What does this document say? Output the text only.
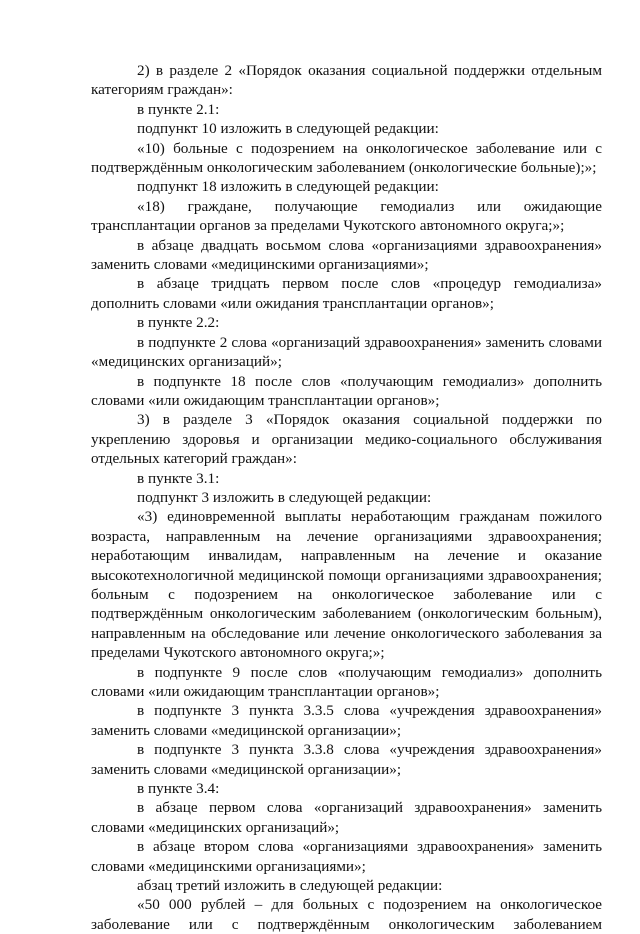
2) в разделе 2 «Порядок оказания социальной поддержки отдельным категориям граждан»:

в пункте 2.1:

подпункт 10 изложить в следующей редакции:

«10) больные с подозрением на онкологическое заболевание или с подтверждённым онкологическим заболеванием (онкологические больные);»;

подпункт 18 изложить в следующей редакции:

«18) граждане, получающие гемодиализ или ожидающие трансплантации органов за пределами Чукотского автономного округа;»;

в абзаце двадцать восьмом слова «организациями здравоохранения» заменить словами «медицинскими организациями»;

в абзаце тридцать первом после слов «процедур гемодиализа» дополнить словами «или ожидания трансплантации органов»;

в пункте 2.2:

в подпункте 2 слова «организаций здравоохранения» заменить словами «медицинских организаций»;

в подпункте 18 после слов «получающим гемодиализ» дополнить словами «или ожидающим трансплантации органов»;

3) в разделе 3 «Порядок оказания социальной поддержки по укреплению здоровья и организации медико-социального обслуживания отдельных категорий граждан»:

в пункте 3.1:

подпункт 3 изложить в следующей редакции:

«3) единовременной выплаты неработающим гражданам пожилого возраста, направленным на лечение организациями здравоохранения; неработающим инвалидам, направленным на лечение и оказание высокотехнологичной медицинской помощи организациями здравоохранения; больным с подозрением на онкологическое заболевание или с подтверждённым онкологическим заболеванием (онкологическим больным), направленным на обследование или лечение онкологического заболевания за пределами Чукотского автономного округа;»;

в подпункте 9 после слов «получающим гемодиализ» дополнить словами «или ожидающим трансплантации органов»;

в подпункте 3 пункта 3.3.5 слова «учреждения здравоохранения» заменить словами «медицинской организации»;

в подпункте 3 пункта 3.3.8 слова «учреждения здравоохранения» заменить словами «медицинской организации»;

в пункте 3.4:

в абзаце первом слова «организаций здравоохранения» заменить словами «медицинских организаций»;

в абзаце втором слова «организациями здравоохранения» заменить словами «медицинскими организациями»;

абзац третий изложить в следующей редакции:

«50 000 рублей – для больных с подозрением на онкологическое заболевание или с подтверждённым онкологическим заболеванием
